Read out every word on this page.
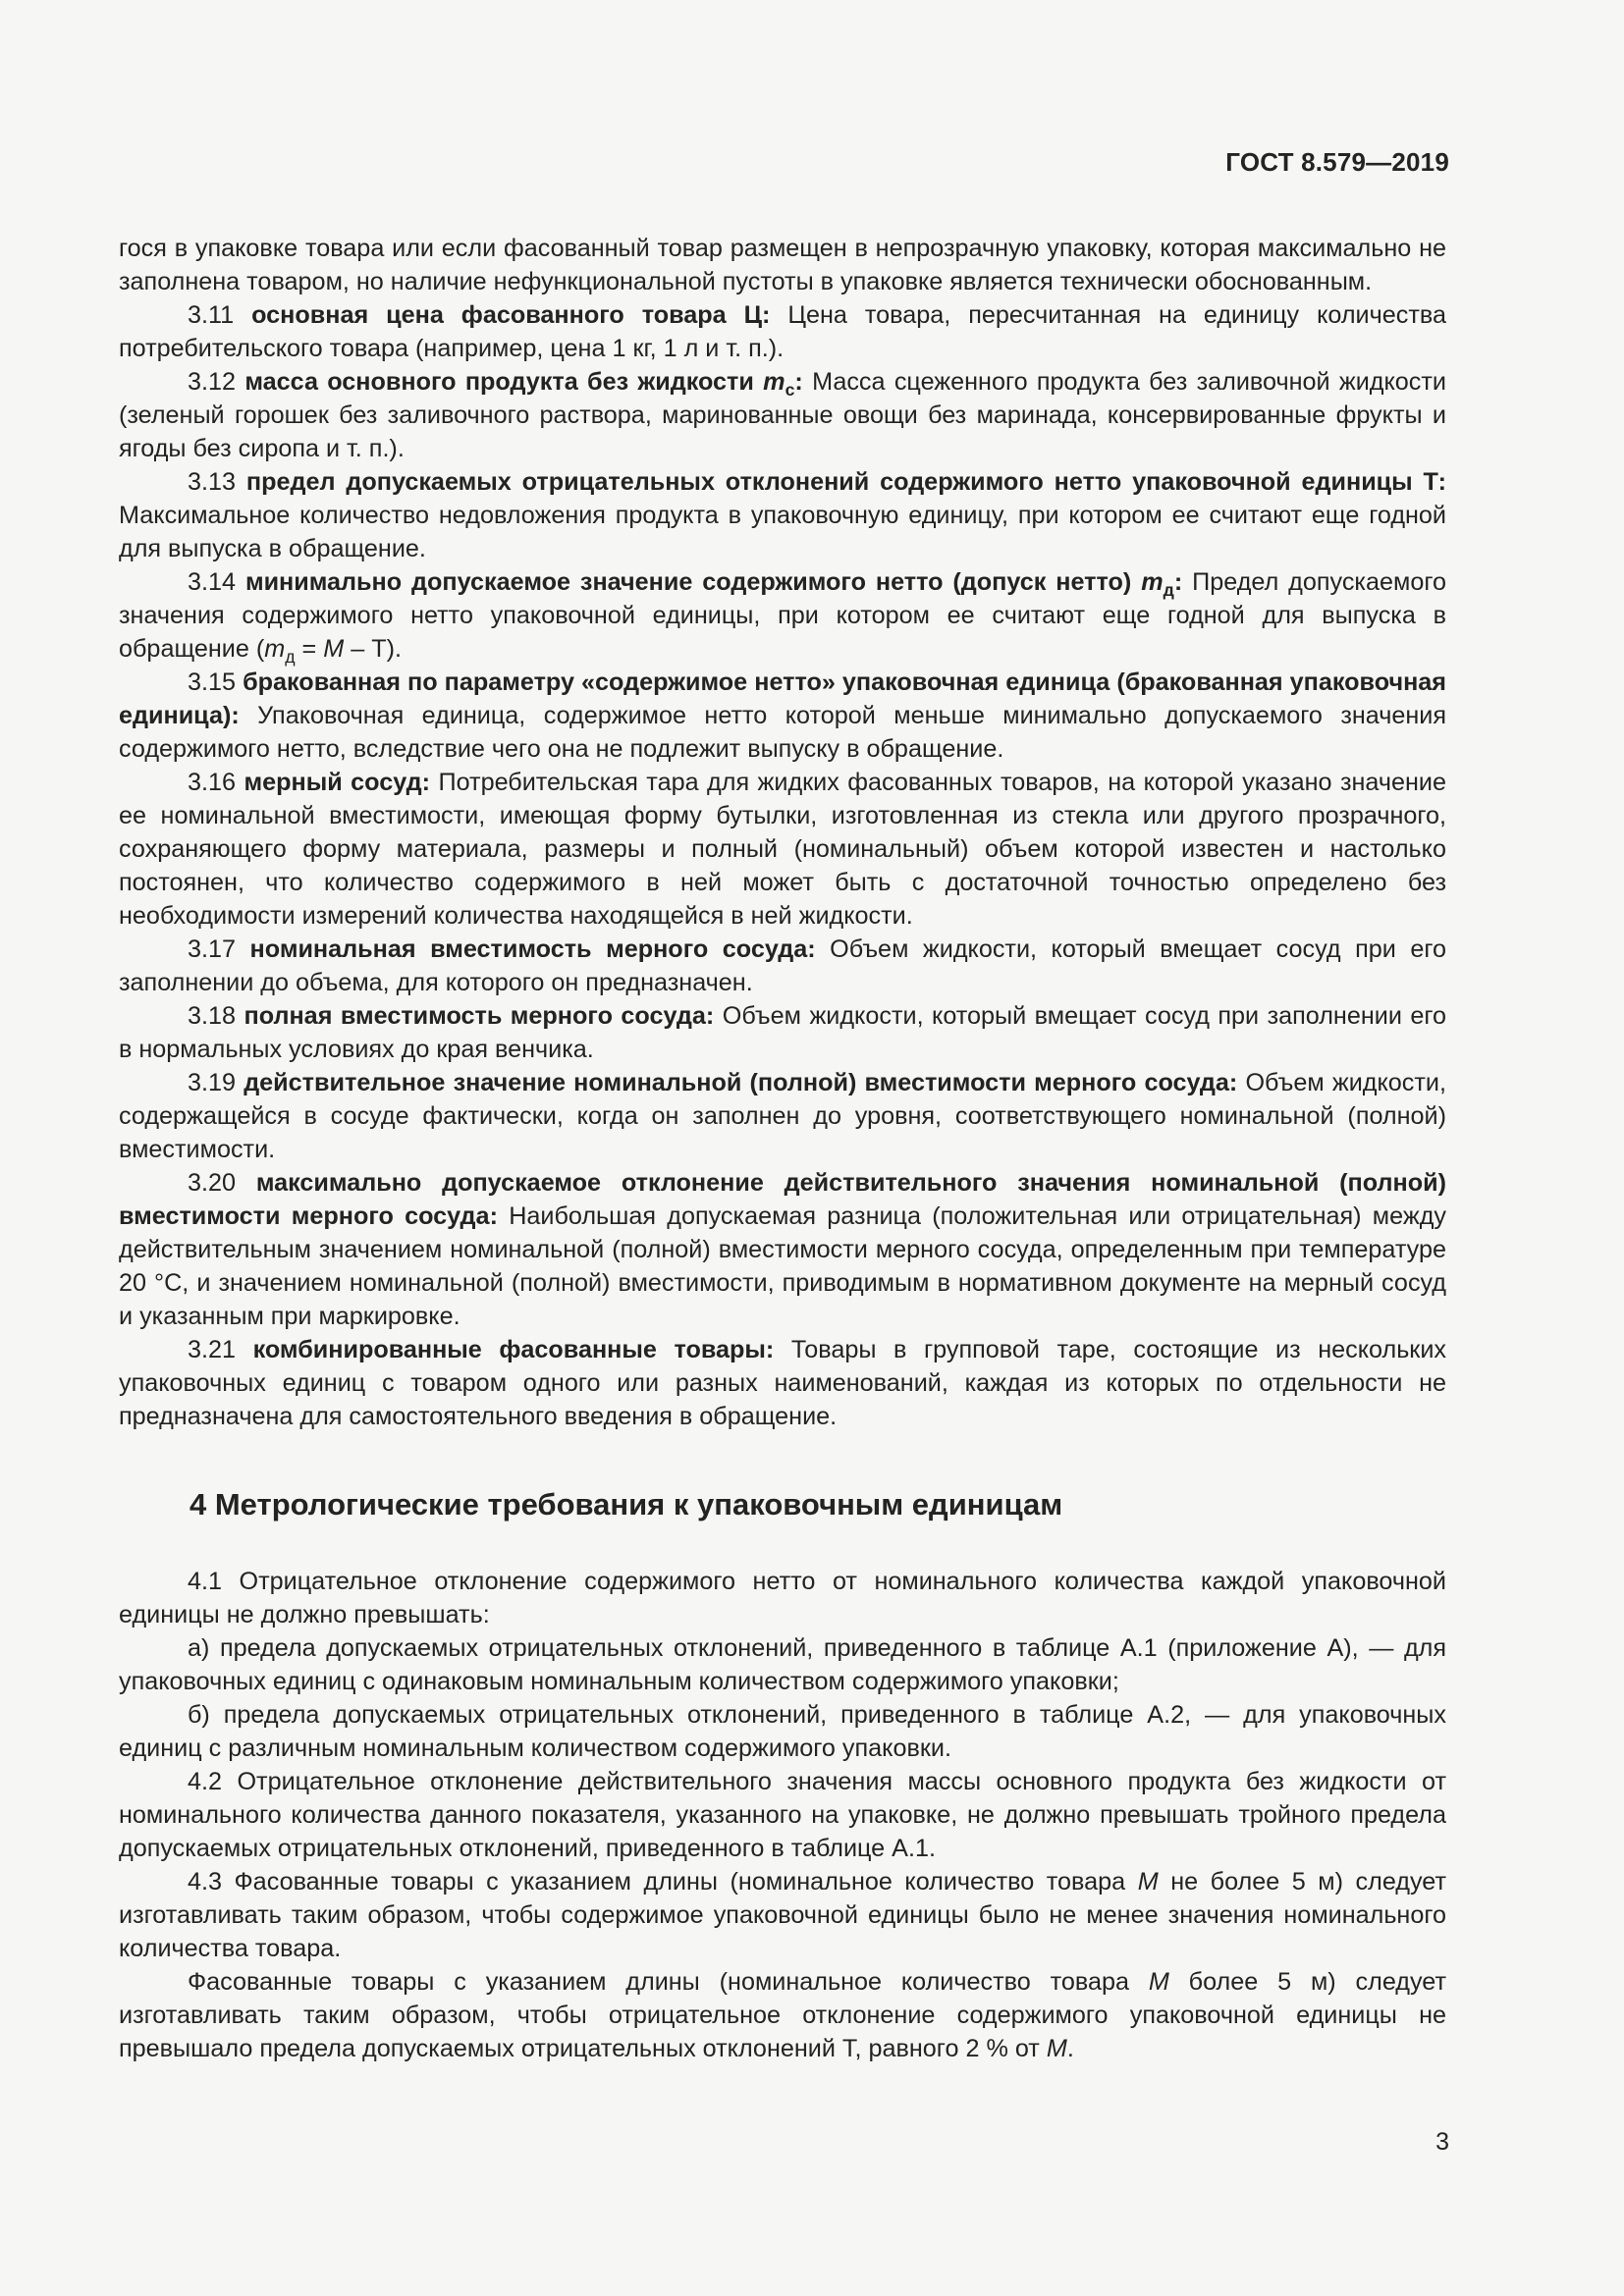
ГОСТ 8.579—2019

гося в упаковке товара или если фасованный товар размещен в непрозрачную упаковку, которая максимально не заполнена товаром, но наличие нефункциональной пустоты в упаковке является технически обоснованным.

3.11 основная цена фасованного товара Ц: Цена товара, пересчитанная на единицу количества потребительского товара (например, цена 1 кг, 1 л и т. п.).

3.12 масса основного продукта без жидкости $m_с$: Масса сцеженного продукта без заливочной жидкости (зеленый горошек без заливочного раствора, маринованные овощи без маринада, консервированные фрукты и ягоды без сиропа и т. п.).

3.13 предел допускаемых отрицательных отклонений содержимого нетто упаковочной единицы Т: Максимальное количество недовложения продукта в упаковочную единицу, при котором ее считают еще годной для выпуска в обращение.

3.14 минимально допускаемое значение содержимого нетто (допуск нетто) $m_д$: Предел допускаемого значения содержимого нетто упаковочной единицы, при котором ее считают еще годной для выпуска в обращение $(m_д = M - Т)$.

3.15 бракованная по параметру «содержимое нетто» упаковочная единица (бракованная упаковочная единица): Упаковочная единица, содержимое нетто которой меньше минимально допускаемого значения содержимого нетто, вследствие чего она не подлежит выпуску в обращение.

3.16 мерный сосуд: Потребительская тара для жидких фасованных товаров, на которой указано значение ее номинальной вместимости, имеющая форму бутылки, изготовленная из стекла или другого прозрачного, сохраняющего форму материала, размеры и полный (номинальный) объем которой известен и настолько постоянен, что количество содержимого в ней может быть с достаточной точностью определено без необходимости измерений количества находящейся в ней жидкости.

3.17 номинальная вместимость мерного сосуда: Объем жидкости, который вмещает сосуд при его заполнении до объема, для которого он предназначен.

3.18 полная вместимость мерного сосуда: Объем жидкости, который вмещает сосуд при заполнении его в нормальных условиях до края венчика.

3.19 действительное значение номинальной (полной) вместимости мерного сосуда: Объем жидкости, содержащейся в сосуде фактически, когда он заполнен до уровня, соответствующего номинальной (полной) вместимости.

3.20 максимально допускаемое отклонение действительного значения номинальной (полной) вместимости мерного сосуда: Наибольшая допускаемая разница (положительная или отрицательная) между действительным значением номинальной (полной) вместимости мерного сосуда, определенным при температуре 20 °С, и значением номинальной (полной) вместимости, приводимым в нормативном документе на мерный сосуд и указанным при маркировке.

3.21 комбинированные фасованные товары: Товары в групповой таре, состоящие из нескольких упаковочных единиц с товаром одного или разных наименований, каждая из которых по отдельности не предназначена для самостоятельного введения в обращение.

4 Метрологические требования к упаковочным единицам

4.1 Отрицательное отклонение содержимого нетто от номинального количества каждой упаковочной единицы не должно превышать:

а) предела допускаемых отрицательных отклонений, приведенного в таблице А.1 (приложение А), — для упаковочных единиц с одинаковым номинальным количеством содержимого упаковки;

б) предела допускаемых отрицательных отклонений, приведенного в таблице А.2, — для упаковочных единиц с различным номинальным количеством содержимого упаковки.

4.2 Отрицательное отклонение действительного значения массы основного продукта без жидкости от номинального количества данного показателя, указанного на упаковке, не должно превышать тройного предела допускаемых отрицательных отклонений, приведенного в таблице А.1.

4.3 Фасованные товары с указанием длины (номинальное количество товара M не более 5 м) следует изготавливать таким образом, чтобы содержимое упаковочной единицы было не менее значения номинального количества товара.

Фасованные товары с указанием длины (номинальное количество товара M более 5 м) следует изготавливать таким образом, чтобы отрицательное отклонение содержимого упаковочной единицы не превышало предела допускаемых отрицательных отклонений Т, равного 2 % от M.

3
